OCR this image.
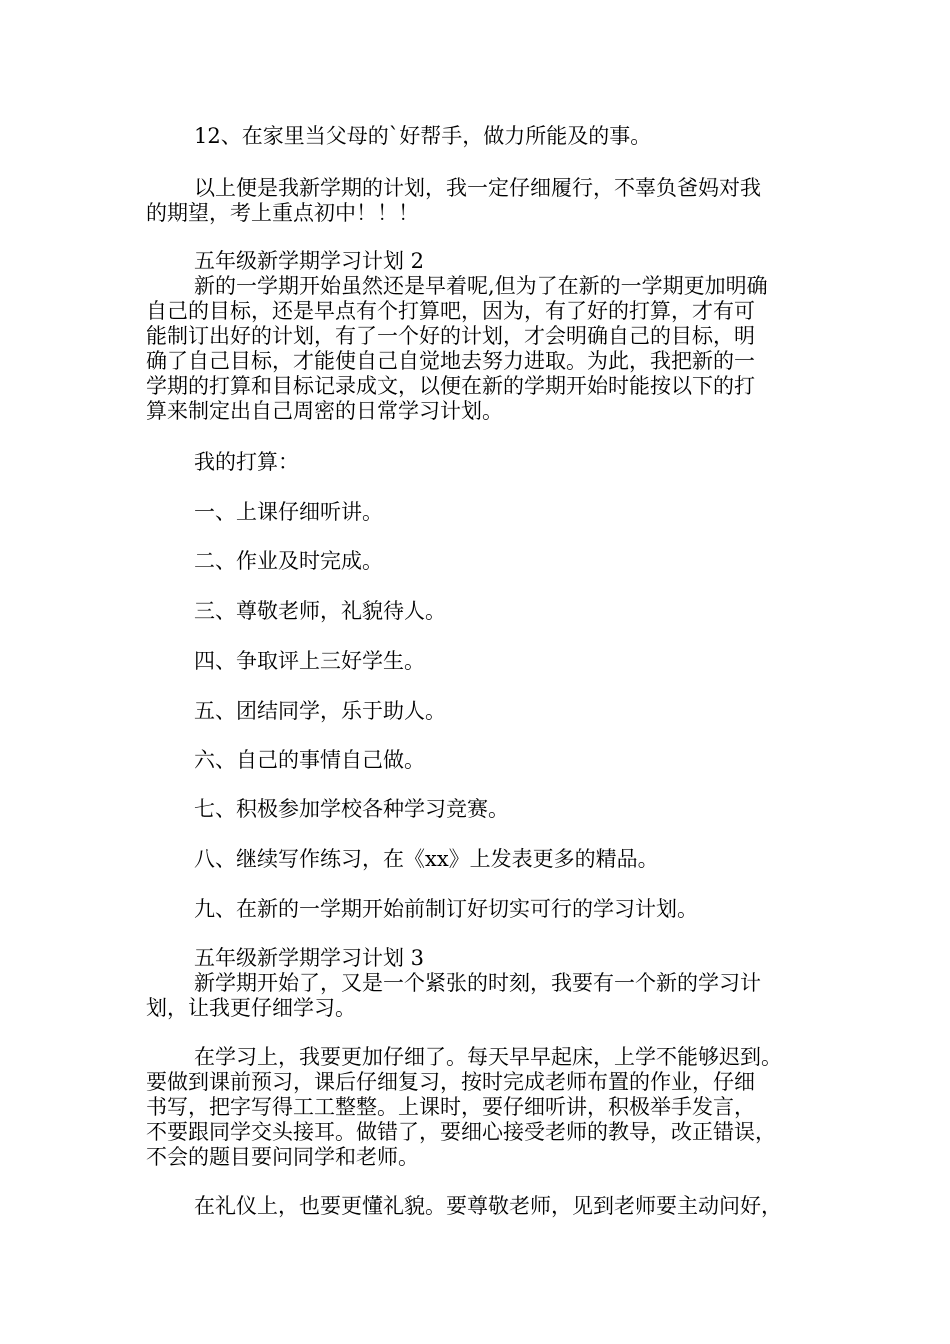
12、在家里当父母的`好帮手，做力所能及的事。
以上便是我新学期的计划，我一定仔细履行，不辜负爸妈对我
的期望，考上重点初中！！！
五年级新学期学习计划 2
新的一学期开始虽然还是早着呢,但为了在新的一学期更加明确
自己的目标，还是早点有个打算吧，因为，有了好的打算，才有可
能制订出好的计划，有了一个好的计划，才会明确自己的目标，明
确了自己目标，才能使自己自觉地去努力进取。为此，我把新的一
学期的打算和目标记录成文，以便在新的学期开始时能按以下的打
算来制定出自己周密的日常学习计划。
我的打算：
一、上课仔细听讲。
二、作业及时完成。
三、尊敬老师，礼貌待人。
四、争取评上三好学生。
五、团结同学，乐于助人。
六、自己的事情自己做。
七、积极参加学校各种学习竞赛。
八、继续写作练习，在《xx》上发表更多的精品。
九、在新的一学期开始前制订好切实可行的学习计划。
五年级新学期学习计划 3
新学期开始了，又是一个紧张的时刻，我要有一个新的学习计
划，让我更仔细学习。
在学习上，我要更加仔细了。每天早早起床，上学不能够迟到。
要做到课前预习，课后仔细复习，按时完成老师布置的作业，仔细
书写，把字写得工工整整。上课时，要仔细听讲，积极举手发言，
不要跟同学交头接耳。做错了，要细心接受老师的教导，改正错误，
不会的题目要问同学和老师。
在礼仪上，也要更懂礼貌。要尊敬老师，见到老师要主动问好，
